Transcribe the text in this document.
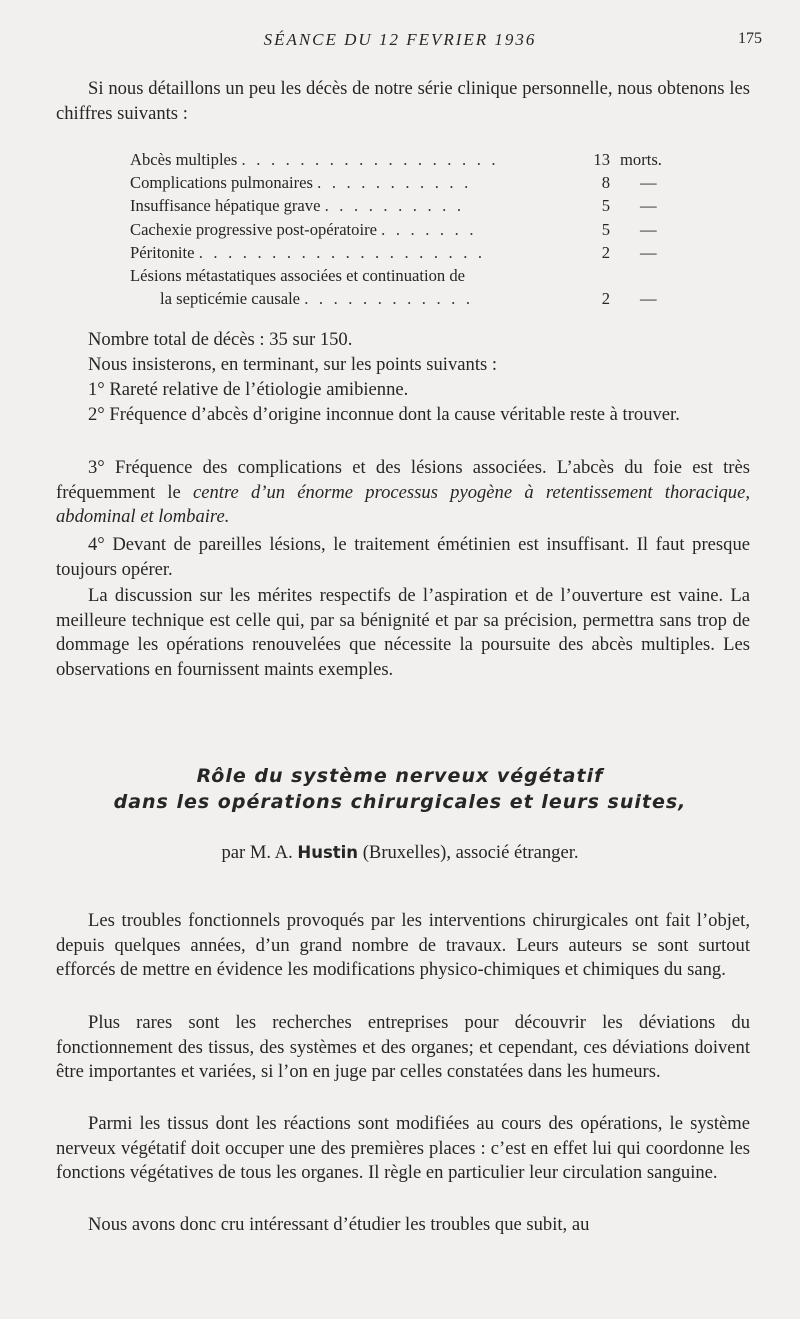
SÉANCE DU 12 FEVRIER 1936	175

Si nous détaillons un peu les décès de notre série clinique personnelle, nous obtenons les chiffres suivants :

Abcès multiples . . . . . . . . . . . . . . . . . .	13 morts.
Complications pulmonaires . . . . . . . . . . .	8 —
Insuffisance hépatique grave . . . . . . . . . .	5 —
Cachexie progressive post-opératoire . . . . . . .	5 —
Péritonite . . . . . . . . . . . . . . . . . . . .	2 —
Lésions métastatiques associées et continuation de
la septicémie causale . . . . . . . . . . . .	2 —

Nombre total de décès : 35 sur 150.

Nous insisterons, en terminant, sur les points suivants :

1° Rareté relative de l’étiologie amibienne.

2° Fréquence d’abcès d’origine inconnue dont la cause véritable reste à trouver.

3° Fréquence des complications et des lésions associées. L’abcès du foie est très fréquemment le centre d’un énorme processus pyogène à retentissement thoracique, abdominal et lombaire.

4° Devant de pareilles lésions, le traitement émétinien est insuffisant. Il faut presque toujours opérer.

La discussion sur les mérites respectifs de l’aspiration et de l’ouverture est vaine. La meilleure technique est celle qui, par sa bénignité et par sa précision, permettra sans trop de dommage les opérations renouvelées que nécessite la poursuite des abcès multiples. Les observations en fournissent maints exemples.

Rôle du système nerveux végétatif

dans les opérations chirurgicales et leurs suites,

par M. A. Hustin (Bruxelles), associé étranger.

Les troubles fonctionnels provoqués par les interventions chirurgicales ont fait l’objet, depuis quelques années, d’un grand nombre de travaux. Leurs auteurs se sont surtout efforcés de mettre en évidence les modifications physico-chimiques et chimiques du sang.

Plus rares sont les recherches entreprises pour découvrir les déviations du fonctionnement des tissus, des systèmes et des organes; et cependant, ces déviations doivent être importantes et variées, si l’on en juge par celles constatées dans les humeurs.

Parmi les tissus dont les réactions sont modifiées au cours des opérations, le système nerveux végétatif doit occuper une des premières places : c’est en effet lui qui coordonne les fonctions végétatives de tous les organes. Il règle en particulier leur circulation sanguine.

Nous avons donc cru intéressant d’étudier les troubles que subit, au
